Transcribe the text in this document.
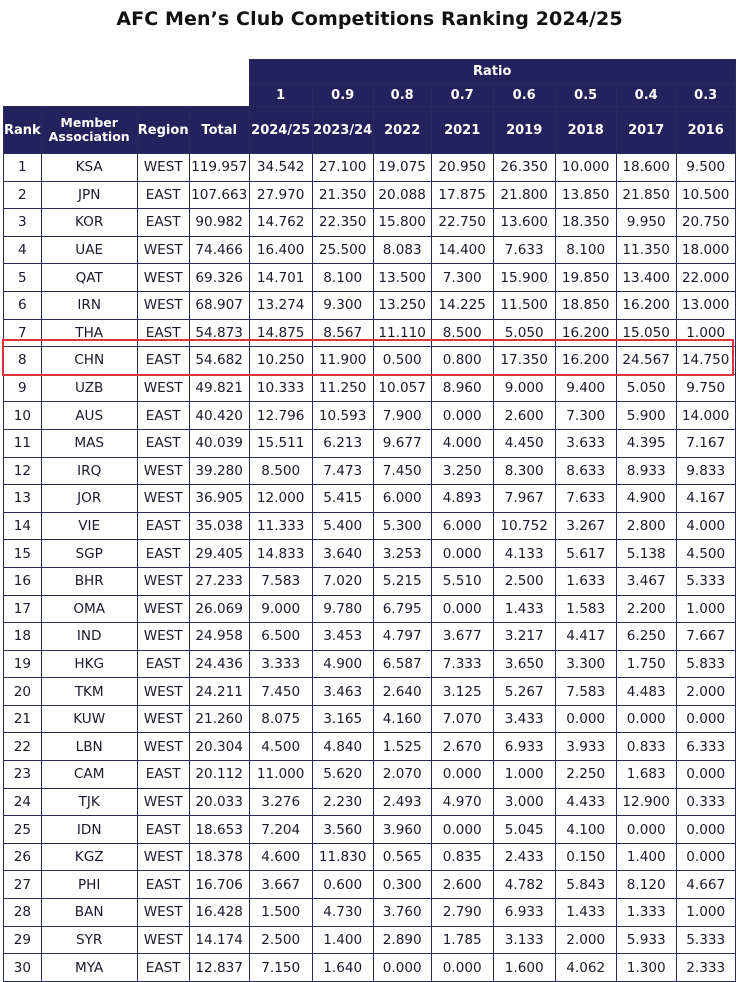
AFC Men’s Club Competitions Ranking 2024/25
				Ratio							
				1	0.9	0.8	0.7	0.6	0.5	0.4	0.3
Rank	Member Association	Region	Total	2024/25	2023/24	2022	2021	2019	2018	2017	2016
1	KSA	WEST	119.957	34.542	27.100	19.075	20.950	26.350	10.000	18.600	9.500
2	JPN	EAST	107.663	27.970	21.350	20.088	17.875	21.800	13.850	21.850	10.500
3	KOR	EAST	90.982	14.762	22.350	15.800	22.750	13.600	18.350	9.950	20.750
4	UAE	WEST	74.466	16.400	25.500	8.083	14.400	7.633	8.100	11.350	18.000
5	QAT	WEST	69.326	14.701	8.100	13.500	7.300	15.900	19.850	13.400	22.000
6	IRN	WEST	68.907	13.274	9.300	13.250	14.225	11.500	18.850	16.200	13.000
7	THA	EAST	54.873	14.875	8.567	11.110	8.500	5.050	16.200	15.050	1.000
8	CHN	EAST	54.682	10.250	11.900	0.500	0.800	17.350	16.200	24.567	14.750
9	UZB	WEST	49.821	10.333	11.250	10.057	8.960	9.000	9.400	5.050	9.750
10	AUS	EAST	40.420	12.796	10.593	7.900	0.000	2.600	7.300	5.900	14.000
11	MAS	EAST	40.039	15.511	6.213	9.677	4.000	4.450	3.633	4.395	7.167
12	IRQ	WEST	39.280	8.500	7.473	7.450	3.250	8.300	8.633	8.933	9.833
13	JOR	WEST	36.905	12.000	5.415	6.000	4.893	7.967	7.633	4.900	4.167
14	VIE	EAST	35.038	11.333	5.400	5.300	6.000	10.752	3.267	2.800	4.000
15	SGP	EAST	29.405	14.833	3.640	3.253	0.000	4.133	5.617	5.138	4.500
16	BHR	WEST	27.233	7.583	7.020	5.215	5.510	2.500	1.633	3.467	5.333
17	OMA	WEST	26.069	9.000	9.780	6.795	0.000	1.433	1.583	2.200	1.000
18	IND	WEST	24.958	6.500	3.453	4.797	3.677	3.217	4.417	6.250	7.667
19	HKG	EAST	24.436	3.333	4.900	6.587	7.333	3.650	3.300	1.750	5.833
20	TKM	WEST	24.211	7.450	3.463	2.640	3.125	5.267	7.583	4.483	2.000
21	KUW	WEST	21.260	8.075	3.165	4.160	7.070	3.433	0.000	0.000	0.000
22	LBN	WEST	20.304	4.500	4.840	1.525	2.670	6.933	3.933	0.833	6.333
23	CAM	EAST	20.112	11.000	5.620	2.070	0.000	1.000	2.250	1.683	0.000
24	TJK	WEST	20.033	3.276	2.230	2.493	4.970	3.000	4.433	12.900	0.333
25	IDN	EAST	18.653	7.204	3.560	3.960	0.000	5.045	4.100	0.000	0.000
26	KGZ	WEST	18.378	4.600	11.830	0.565	0.835	2.433	0.150	1.400	0.000
27	PHI	EAST	16.706	3.667	0.600	0.300	2.600	4.782	5.843	8.120	4.667
28	BAN	WEST	16.428	1.500	4.730	3.760	2.790	6.933	1.433	1.333	1.000
29	SYR	WEST	14.174	2.500	1.400	2.890	1.785	3.133	2.000	5.933	5.333
30	MYA	EAST	12.837	7.150	1.640	0.000	0.000	1.600	4.062	1.300	2.333
